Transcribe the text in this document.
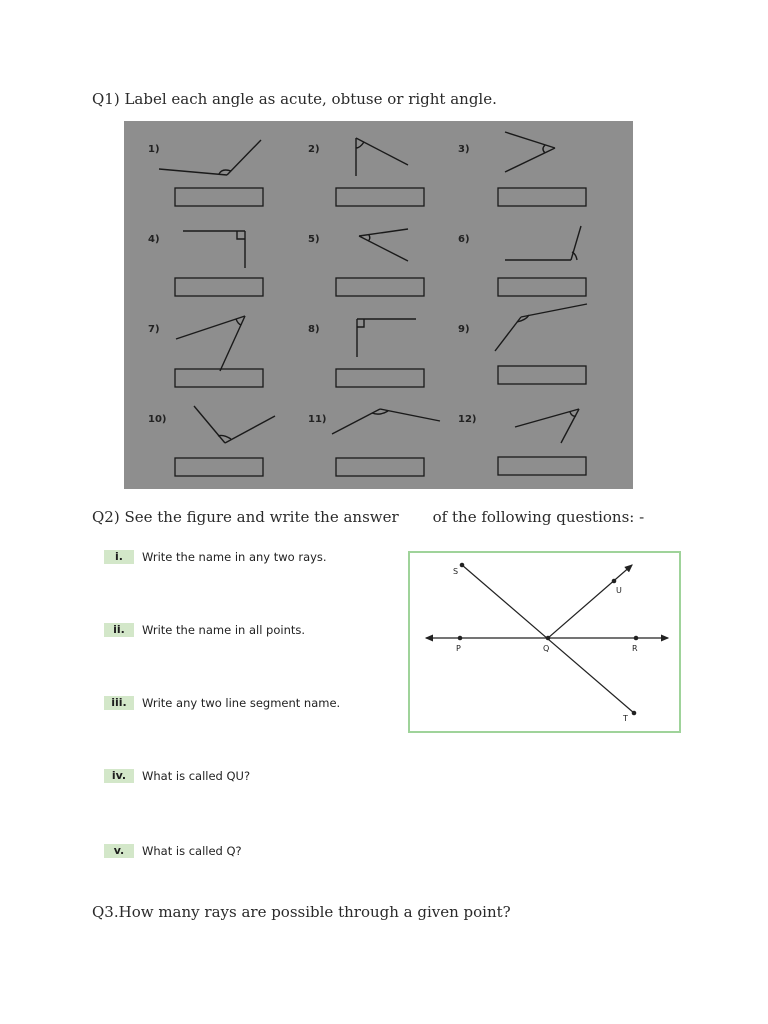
Q1) Label each angle as acute, obtuse or right angle.
1)	2)	3)
4)	5)	6)
7)	8)	9)
10)	11)	12)
Q2) See the figure and write the answer of the following questions: -
i.	Write the name in any two rays.
ii.	Write the name in all points.
iii.	Write any two line segment name.
iv.	What is called QU?
v.	What is called Q?
S
U
P	Q	R
T
Q3.How many rays are possible through a given point?
